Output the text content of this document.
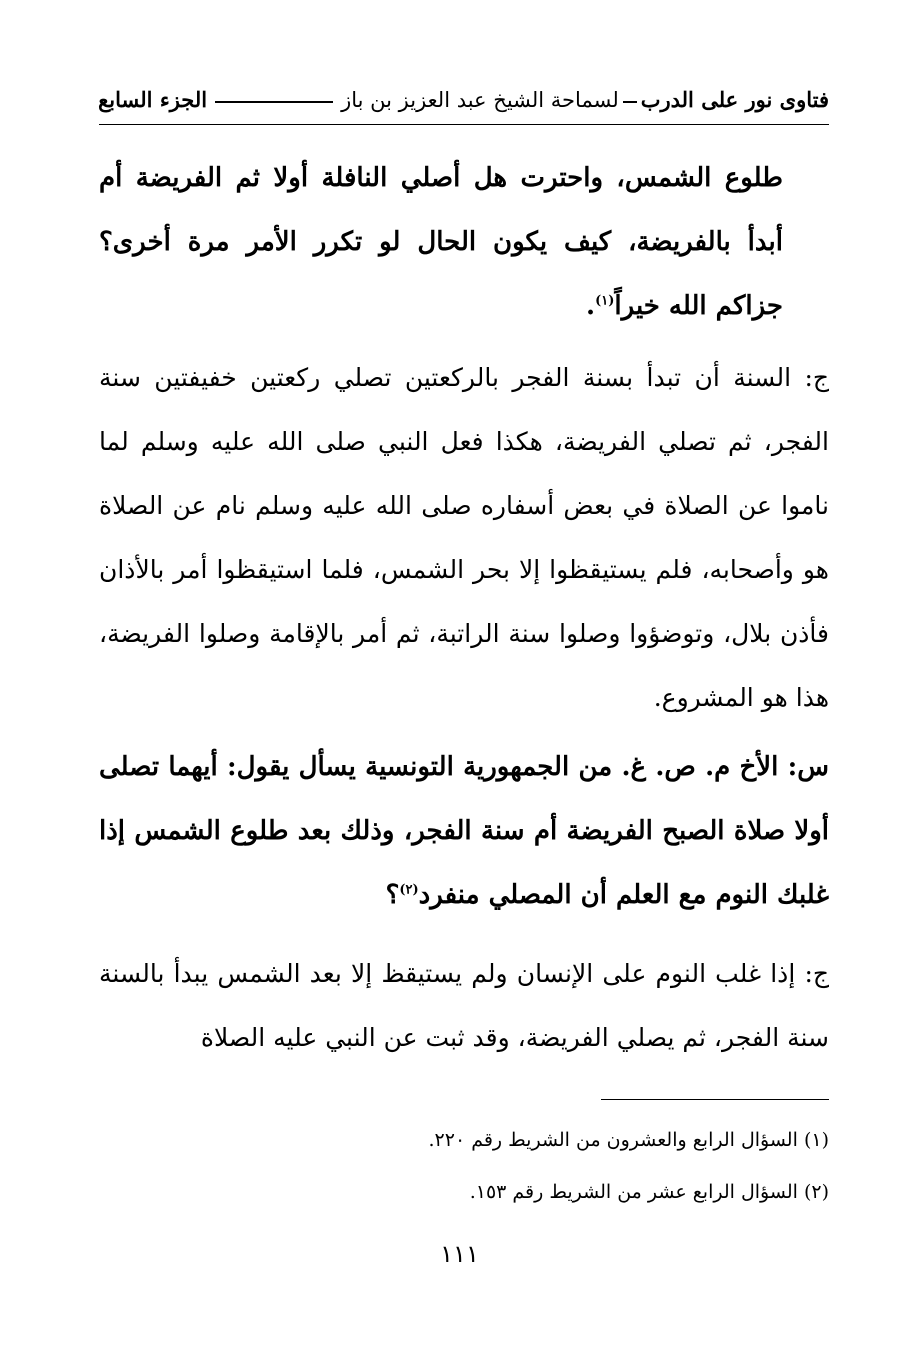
فتاوى نور على الدربلسماحة الشيخ عبد العزيز بن بازالجزء السابع
طلوع الشمس، واحترت هل أصلي النافلة أولا ثم الفريضة أم أبدأ بالفريضة، كيف يكون الحال لو تكرر الأمر مرة أخرى؟ جزاكم الله خيراً$^{(١)}$.
ج: السنة أن تبدأ بسنة الفجر بالركعتين تصلي ركعتين خفيفتين سنة الفجر، ثم تصلي الفريضة، هكذا فعل النبي صلى الله عليه وسلم لما ناموا عن الصلاة في بعض أسفاره صلى الله عليه وسلم نام عن الصلاة هو وأصحابه، فلم يستيقظوا إلا بحر الشمس، فلما استيقظوا أمر بالأذان فأذن بلال، وتوضؤوا وصلوا سنة الراتبة، ثم أمر بالإقامة وصلوا الفريضة، هذا هو المشروع.
س: الأخ م. ص. غ. من الجمهورية التونسية يسأل يقول: أيهما تصلى أولا صلاة الصبح الفريضة أم سنة الفجر، وذلك بعد طلوع الشمس إذا غلبك النوم مع العلم أن المصلي منفرد$^{(٢)}$؟
ج: إذا غلب النوم على الإنسان ولم يستيقظ إلا بعد الشمس يبدأ بالسنة سنة الفجر، ثم يصلي الفريضة، وقد ثبت عن النبي عليه الصلاة
(١) السؤال الرابع والعشرون من الشريط رقم ٢٢٠.
(٢) السؤال الرابع عشر من الشريط رقم ١٥٣.
١١١
